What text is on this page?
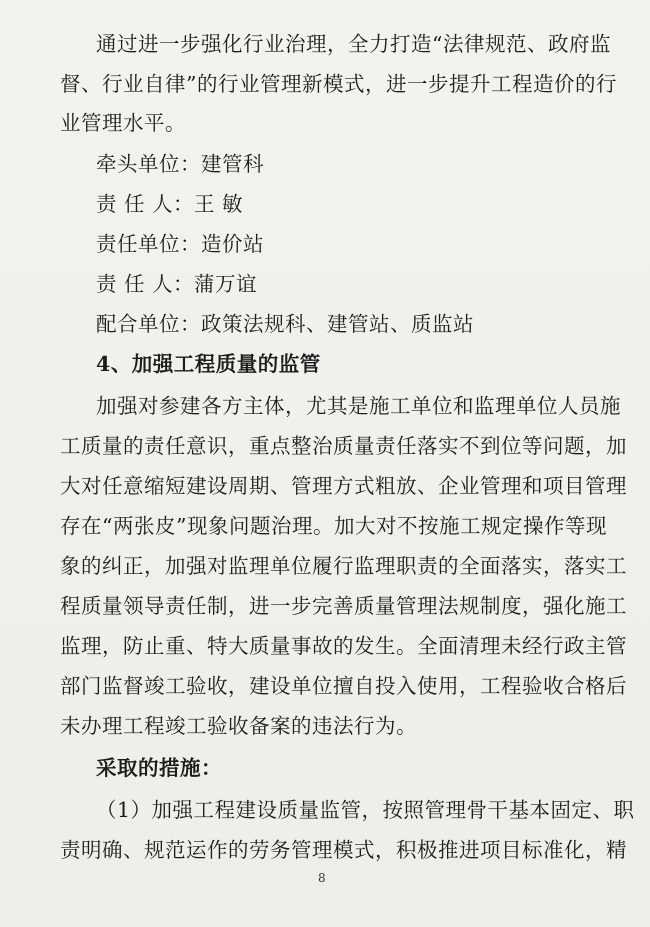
通过进一步强化行业治理，全力打造“法律规范、政府监
督、行业自律”的行业管理新模式，进一步提升工程造价的行
业管理水平。
牵头单位：建管科
责 任 人：王 敏
责任单位：造价站
责 任 人：蒲万谊
配合单位：政策法规科、建管站、质监站
4、加强工程质量的监管
加强对参建各方主体，尤其是施工单位和监理单位人员施
工质量的责任意识，重点整治质量责任落实不到位等问题，加
大对任意缩短建设周期、管理方式粗放、企业管理和项目管理
存在“两张皮”现象问题治理。加大对不按施工规定操作等现
象的纠正，加强对监理单位履行监理职责的全面落实，落实工
程质量领导责任制，进一步完善质量管理法规制度，强化施工
监理，防止重、特大质量事故的发生。全面清理未经行政主管
部门监督竣工验收，建设单位擅自投入使用，工程验收合格后
未办理工程竣工验收备案的违法行为。
采取的措施：
（1）加强工程建设质量监管，按照管理骨干基本固定、职
责明确、规范运作的劳务管理模式，积极推进项目标准化，精
8
